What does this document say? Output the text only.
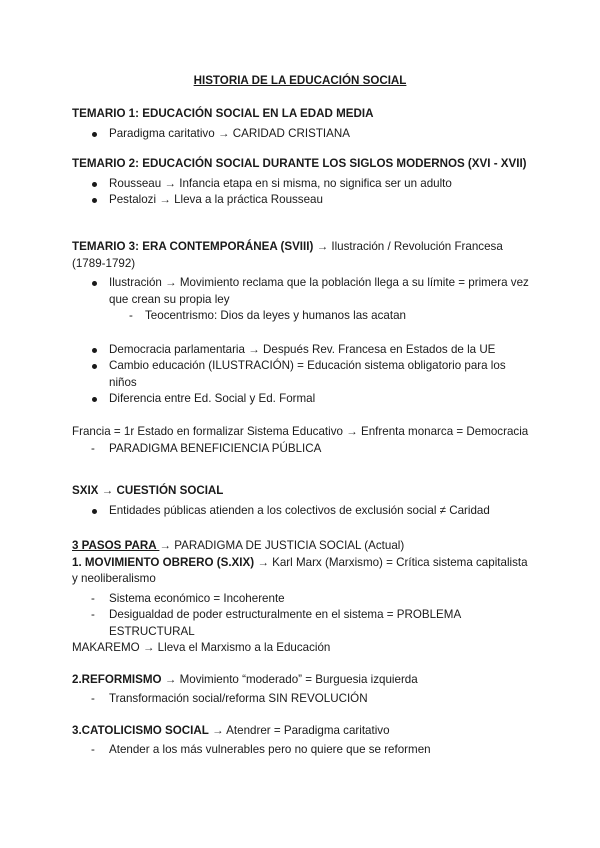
HISTORIA DE LA EDUCACIÓN SOCIAL
TEMARIO 1: EDUCACIÓN SOCIAL EN LA EDAD MEDIA
Paradigma caritativo → CARIDAD CRISTIANA
TEMARIO 2: EDUCACIÓN SOCIAL DURANTE LOS SIGLOS MODERNOS (XVI - XVII)
Rousseau → Infancia etapa en si misma, no significa ser un adulto
Pestalozi → Lleva a la práctica Rousseau
TEMARIO 3: ERA CONTEMPORÁNEA (SVIII) → Ilustración / Revolución Francesa (1789-1792)
Ilustración → Movimiento reclama que la población llega a su límite = primera vez que crean su propia ley
- Teocentrismo: Dios da leyes y humanos las acatan
Democracia parlamentaria → Después Rev. Francesa en Estados de la UE
Cambio educación (ILUSTRACIÓN) = Educación sistema obligatorio para los niños
Diferencia entre Ed. Social y Ed. Formal
Francia = 1r Estado en formalizar Sistema Educativo → Enfrenta monarca = Democracia
- PARADIGMA BENEFICIENCIA PÚBLICA
SXIX → CUESTIÓN SOCIAL
Entidades públicas atienden a los colectivos de exclusión social ≠ Caridad
3 PASOS PARA → PARADIGMA DE JUSTICIA SOCIAL (Actual)
1. MOVIMIENTO OBRERO (S.XIX) → Karl Marx (Marxismo) = Crítica sistema capitalista y neoliberalismo
- Sistema económico = Incoherente
- Desigualdad de poder estructuralmente en el sistema = PROBLEMA ESTRUCTURAL
MAKAREMO → Lleva el Marxismo a la Educación
2.REFORMISMO → Movimiento “moderado” = Burguesia izquierda
- Transformación social/reforma SIN REVOLUCIÓN
3.CATOLICISMO SOCIAL → Atendrer = Paradigma caritativo
- Atender a los más vulnerables pero no quiere que se reformen
